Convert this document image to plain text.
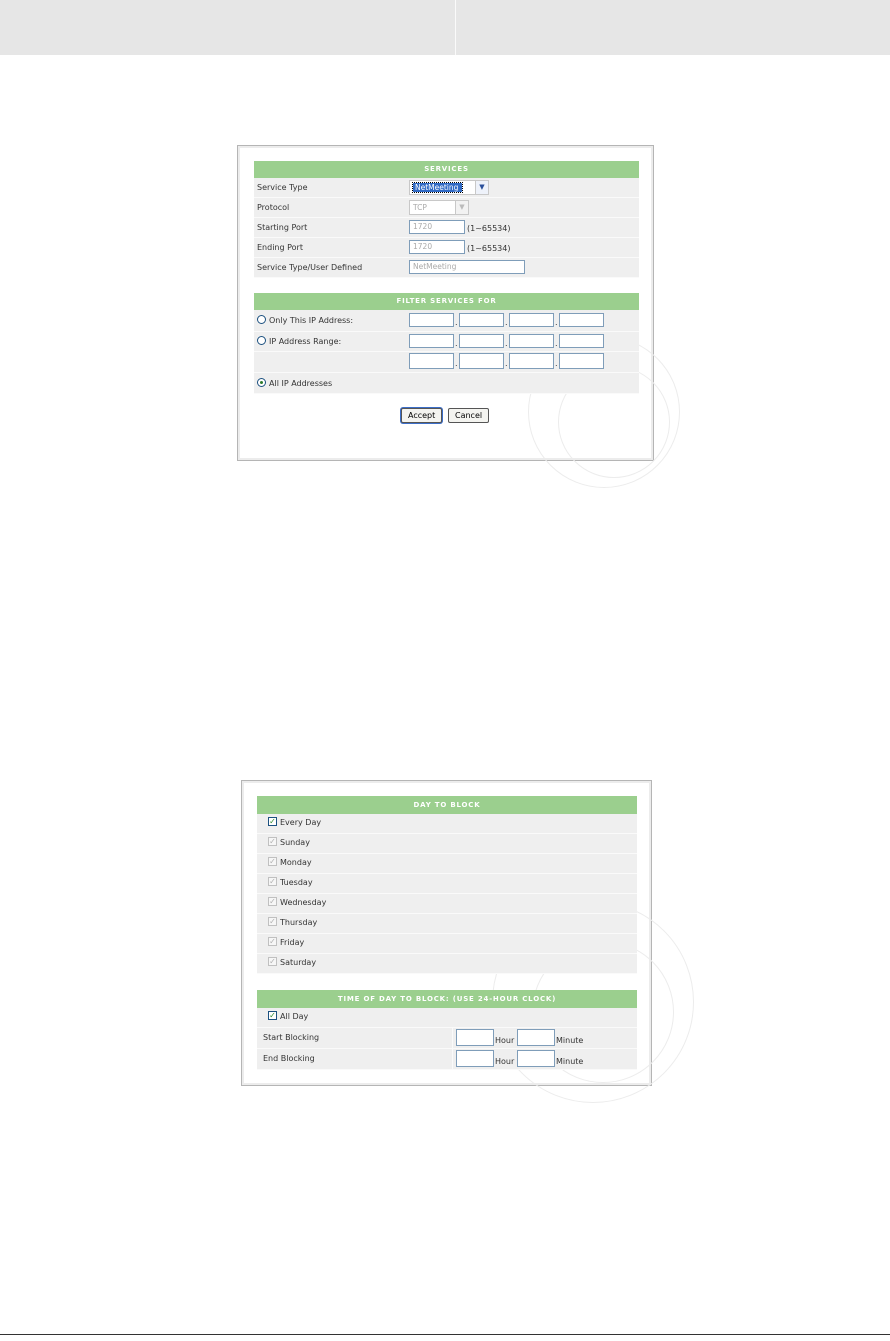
SERVICES
Service Type	NetMeeting	▼
Protocol	TCP	▼
Starting Port	1720	(1~65534)
Ending Port	1720	(1~65534)
Service Type/User Defined	NetMeeting
FILTER SERVICES FOR
Only This IP Address:	.	.	.
IP Address Range:	.	.	.
.	.	.
All IP Addresses
Accept	Cancel
DAY TO BLOCK
✓ Every Day
✓ Sunday
✓ Monday
✓ Tuesday
✓ Wednesday
✓ Thursday
✓ Friday
✓ Saturday
TIME OF DAY TO BLOCK: (USE 24-HOUR CLOCK)
✓ All Day
Start Blocking	Hour	Minute
End Blocking	Hour	Minute
